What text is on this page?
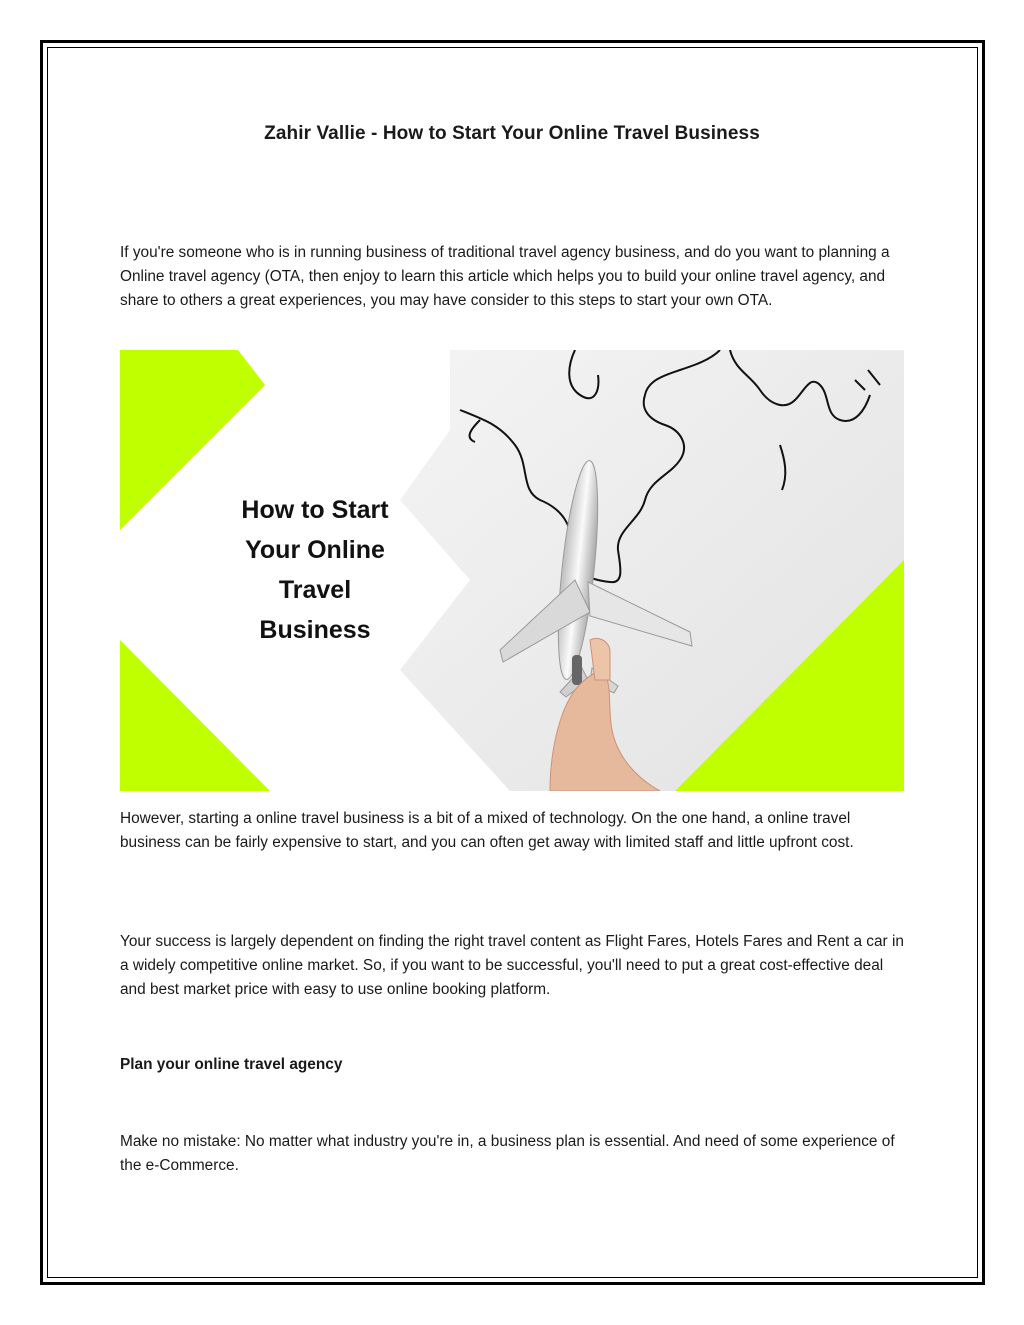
Zahir Vallie - How to Start Your Online Travel Business

If you're someone who is in running business of traditional travel agency business, and do you want to planning a Online travel agency (OTA, then enjoy to learn this article which helps you to build your online travel agency, and share to others a great experiences, you may have consider to this steps to start your own OTA.

How to Start
Your Online
Travel
Business

However, starting a online travel business is a bit of a mixed of technology. On the one hand, a online travel business can be fairly expensive to start, and you can often get away with limited staff and little upfront cost.

Your success is largely dependent on finding the right travel content as Flight Fares, Hotels Fares and Rent a car in a widely competitive online market. So, if you want to be successful, you'll need to put a great cost-effective deal and best market price with easy to use online booking platform.

Plan your online travel agency

Make no mistake: No matter what industry you're in, a business plan is essential. And need of some experience of the e-Commerce.
